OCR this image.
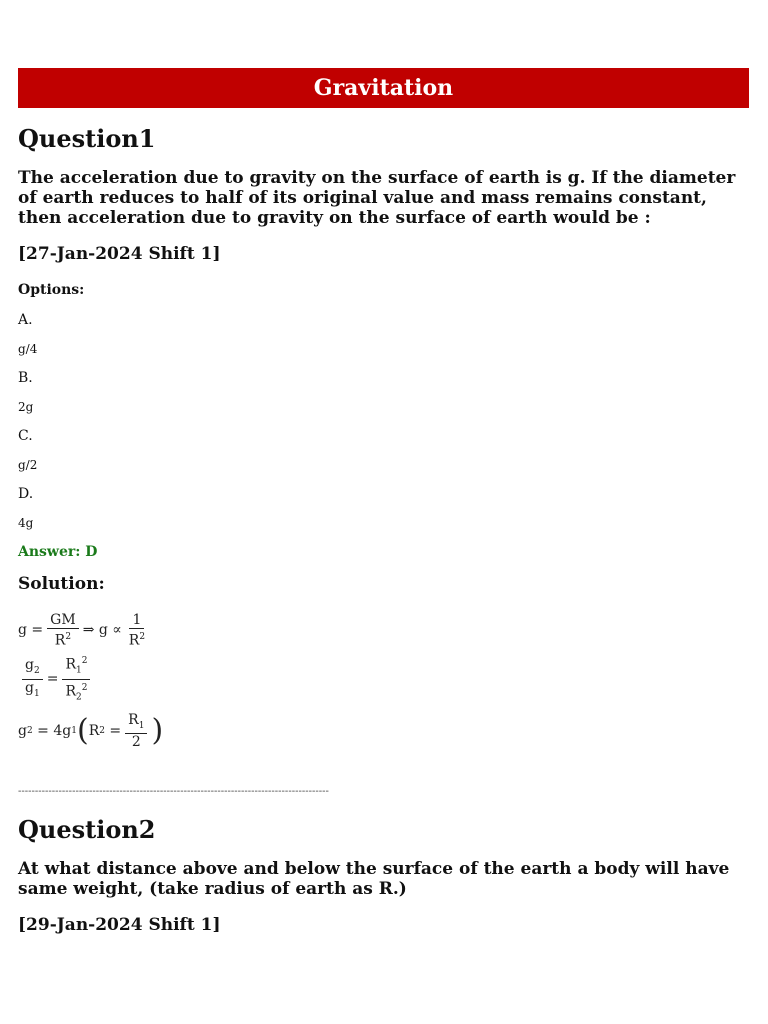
Gravitation
Question1
The acceleration due to gravity on the surface of earth is g. If the diameter of earth reduces to half of its original value and mass remains constant, then acceleration due to gravity on the surface of earth would be :
[27-Jan-2024 Shift 1]
Options:
A.
g/4
B.
2g
C.
g/2
D.
4g
Answer: D
Solution:
g
= $\frac{GM}{R^2}$ ⇒
g
∝ $\frac{1}{R^2}$
$\frac{g_2}{g_1} = \frac{R_1^2}{R_2^2}$
g 2
=
4 g 1 ( R 2
= $\frac{R_1}{2}$ )
--------------------------------------------------------------------------------------------
Question2
At what distance above and below the surface of the earth a body will have same weight, (take radius of earth as R.)
[29-Jan-2024 Shift 1]
